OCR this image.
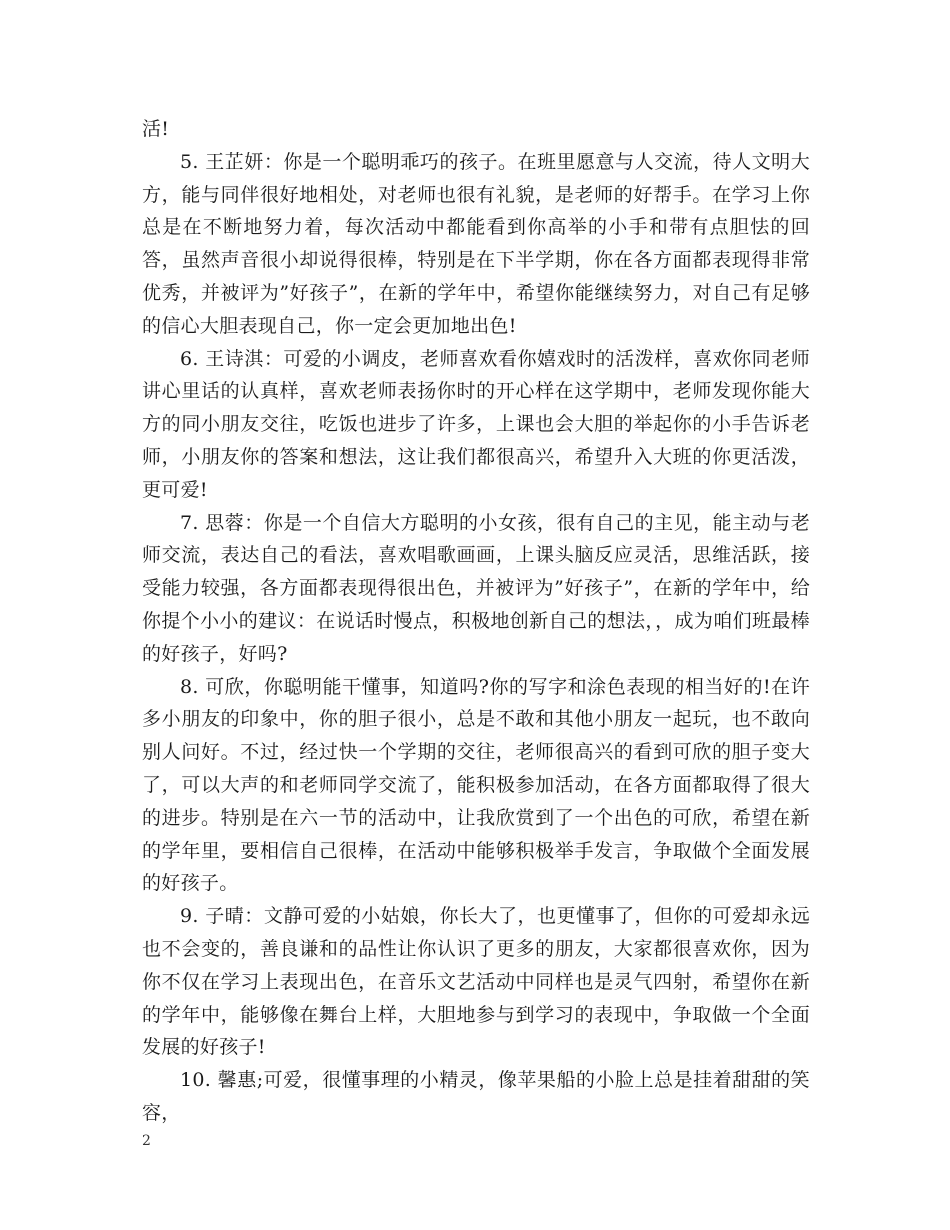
活!

5. 王芷妍：你是一个聪明乖巧的孩子。在班里愿意与人交流，待人文明大方，能与同伴很好地相处，对老师也很有礼貌，是老师的好帮手。在学习上你总是在不断地努力着，每次活动中都能看到你高举的小手和带有点胆怯的回答，虽然声音很小却说得很棒，特别是在下半学期，你在各方面都表现得非常优秀，并被评为”好孩子”，在新的学年中，希望你能继续努力，对自己有足够的信心大胆表现自己，你一定会更加地出色!

6. 王诗淇：可爱的小调皮，老师喜欢看你嬉戏时的活泼样，喜欢你同老师讲心里话的认真样，喜欢老师表扬你时的开心样在这学期中，老师发现你能大方的同小朋友交往，吃饭也进步了许多，上课也会大胆的举起你的小手告诉老师，小朋友你的答案和想法，这让我们都很高兴，希望升入大班的你更活泼，更可爱!

7. 思蓉：你是一个自信大方聪明的小女孩，很有自己的主见，能主动与老师交流，表达自己的看法，喜欢唱歌画画，上课头脑反应灵活，思维活跃，接受能力较强，各方面都表现得很出色，并被评为”好孩子”，在新的学年中，给你提个小小的建议：在说话时慢点，积极地创新自己的想法，，成为咱们班最棒的好孩子，好吗?

8. 可欣，你聪明能干懂事，知道吗?你的写字和涂色表现的相当好的!在许多小朋友的印象中，你的胆子很小，总是不敢和其他小朋友一起玩，也不敢向别人问好。不过，经过快一个学期的交往，老师很高兴的看到可欣的胆子变大了，可以大声的和老师同学交流了，能积极参加活动，在各方面都取得了很大的进步。特别是在六一节的活动中，让我欣赏到了一个出色的可欣，希望在新的学年里，要相信自己很棒，在活动中能够积极举手发言，争取做个全面发展的好孩子。

9. 子晴：文静可爱的小姑娘，你长大了，也更懂事了，但你的可爱却永远也不会变的，善良谦和的品性让你认识了更多的朋友，大家都很喜欢你，因为你不仅在学习上表现出色，在音乐文艺活动中同样也是灵气四射，希望你在新的学年中，能够像在舞台上样，大胆地参与到学习的表现中，争取做一个全面发展的好孩子!

10. 馨惠;可爱，很懂事理的小精灵，像苹果船的小脸上总是挂着甜甜的笑容，

2
